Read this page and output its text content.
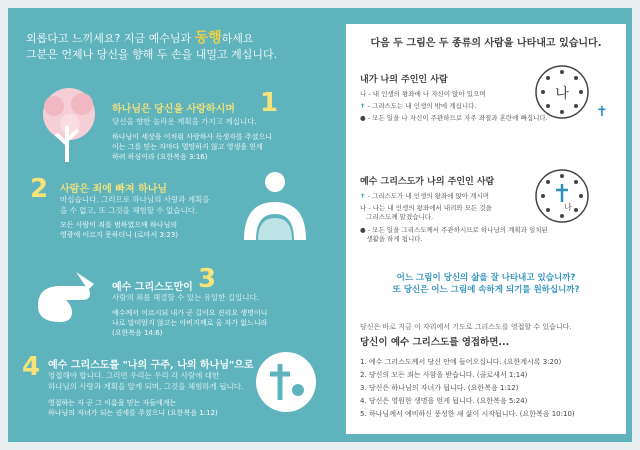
외롭다고 느끼세요? 지금 예수님과 동행하세요
그분은 언제나 당신을 향해 두 손을 내밀고 계십니다.
하나님은 당신을 사랑하시며 1
당신을 향한 놀라운 계획을 가지고 계십니다.
하나님이 세상을 이처럼 사랑하사 독생자를 주셨으니
이는 그를 믿는 자마다 멸망하지 않고 영생을 얻게
하려 하심이라 (요한복음 3:16)
2 사람은 죄에 빠져 하나님
마십습니다. 그러므로 하나님의 사랑과 계획을
을 수 없고, 또 그것을 체험할 수 없습니다.
모든 사람이 죄를 범하였으매 하나님의
영광에 이르지 못하더니 (로마서 3:23)
예수 그리스도만이 3
사람의 죄를 해결할 수 있는 유일한 길입니다.
예수께서 이르시되 내가 곧 길이요 진리요 생명이니
나로 말미암지 않고는 아버지께로 올 자가 없느니라
(요한복음 14:6)
4 예수 그리스도를 "나의 구주, 나의 하나님"으로
영접해야 합니다. 그러면 우리는 우리 각 사람에 대한
하나님의 사랑과 계획을 알게 되며, 그것을 체험하게 됩니다.
영접하는 자 곧 그 이름을 믿는 자들에게는
하나님의 자녀가 되는 권세를 주셨으니 (요한복음 1:12)
다음 두 그림은 두 종류의 사람을 나타내고 있습니다.
내가 나의 주인인 사람
나 - 내 인생의 왕좌에 나 자신이 앉아 있으며
✝ - 그리스도는 내 인생의 밖에 계십니다.
● - 모든 일을 나 자신이 주관하므로 자주 좌절과 혼란에 빠집니다.
나
✝
예수 그리스도가 나의 주인인 사람
✝ - 그리스도가 내 인생의 왕좌에 앉아 계시며
나 - 나는 내 인생의 왕좌에서 내려와 모든 것을
그리스도께 맡겼습니다.
● - 모든 일을 그리스도께서 주관하시므로 하나님의 계획과 일치된
생활을 하게 됩니다.
나
어느 그림이 당신의 삶을 잘 나타내고 있습니까?
또 당신은 어느 그림에 속하게 되기를 원하십니까?
당신은 바로 지금 이 자리에서 기도로 그리스도를 영접할 수 있습니다.
당신이 예수 그리스도를 영접하면...
1. 예수 그리스도께서 당신 안에 들어오십니다. (요한계시록 3:20)
2. 당신의 모든 죄는 사함을 받습니다. (골로새서 1:14)
3. 당신은 하나님의 자녀가 됩니다. (요한복음 1:12)
4. 당신은 영원한 생명을 얻게 됩니다. (요한복음 5:24)
5. 하나님께서 예비하신 풍성한 새 삶이 시작됩니다. (요한복음 10:10)
